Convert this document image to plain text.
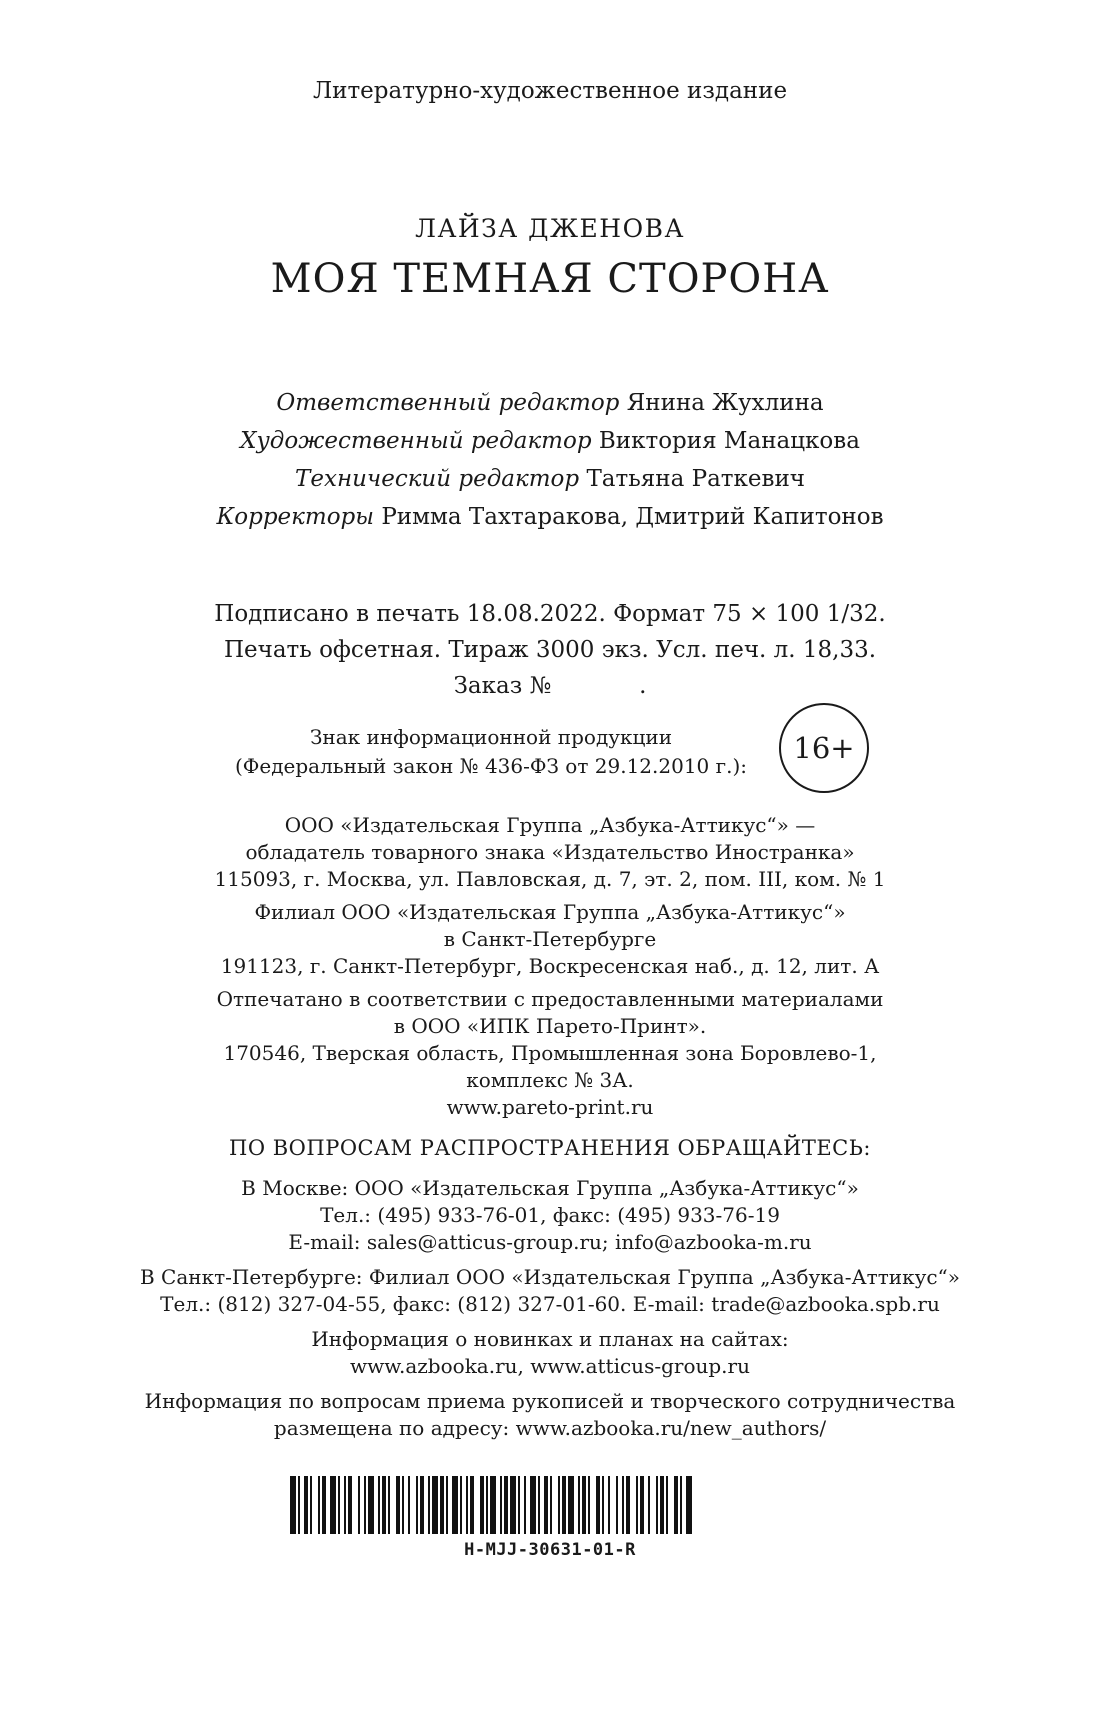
Литературно-художественное издание
ЛАЙЗА ДЖЕНОВА
МОЯ ТЕМНАЯ СТОРОНА
Ответственный редактор Янина Жухлина
Художественный редактор Виктория Манацкова
Технический редактор Татьяна Раткевич
Корректоры Римма Тахтаракова, Дмитрий Капитонов
Подписано в печать 18.08.2022. Формат 75 × 100 1/32.
Печать офсетная. Тираж 3000 экз. Усл. печ. л. 18,33.
Заказ №            .
Знак информационной продукции
(Федеральный закон № 436-ФЗ от 29.12.2010 г.):
16+
ООО «Издательская Группа „Азбука-Аттикус“» —
обладатель товарного знака «Издательство Иностранка»
115093, г. Москва, ул. Павловская, д. 7, эт. 2, пом. III, ком. № 1
Филиал ООО «Издательская Группа „Азбука-Аттикус“»
в Санкт-Петербурге
191123, г. Санкт-Петербург, Воскресенская наб., д. 12, лит. А
Отпечатано в соответствии с предоставленными материалами
в ООО «ИПК Парето-Принт».
170546, Тверская область, Промышленная зона Боровлево-1,
комплекс № 3А.
www.pareto-print.ru
ПО ВОПРОСАМ РАСПРОСТРАНЕНИЯ ОБРАЩАЙТЕСЬ:
В Москве: ООО «Издательская Группа „Азбука-Аттикус“»
Тел.: (495) 933-76-01, факс: (495) 933-76-19
E-mail: sales@atticus-group.ru; info@azbooka-m.ru
В Санкт-Петербурге: Филиал ООО «Издательская Группа „Азбука-Аттикус“»
Тел.: (812) 327-04-55, факс: (812) 327-01-60. E-mail: trade@azbooka.spb.ru
Информация о новинках и планах на сайтах:
www.azbooka.ru, www.atticus-group.ru
Информация по вопросам приема рукописей и творческого сотрудничества
размещена по адресу: www.azbooka.ru/new_authors/
H-MJJ-30631-01-R
